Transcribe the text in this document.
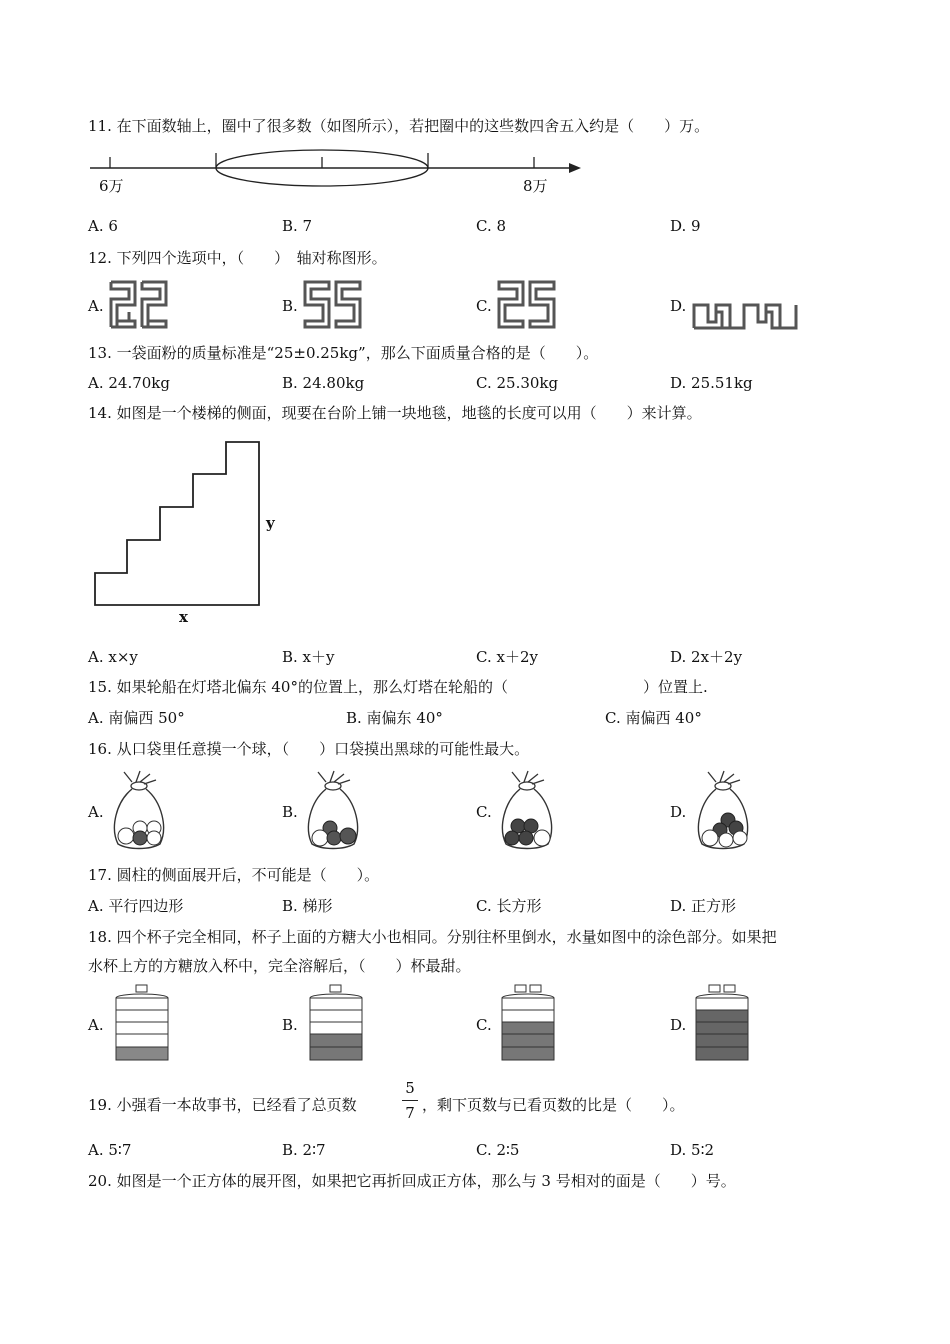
11. 在下面数轴上，圈中了很多数（如图所示），若把圈中的这些数四舍五入约是（　　）万。
6万	8万
A. 6	B. 7	C. 8	D. 9
12. 下列四个选项中，（　　）　轴对称图形。
A.	B.	C.	D.
13. 一袋面粉的质量标准是“25±0.25kg”，那么下面质量合格的是（　　）。
A. 24.70kg	B. 24.80kg	C. 25.30kg	D. 25.51kg
14. 如图是一个楼梯的侧面，现要在台阶上铺一块地毯，地毯的长度可以用（　　）来计算。
x
y
A. x×y	B. x＋y	C. x＋2y	D. 2x＋2y
15. 如果轮船在灯塔北偏东 40°的位置上，那么灯塔在轮船的（　　　　　　　　　）位置上.
A. 南偏西 50°	B. 南偏东 40°	C. 南偏西 40°
16. 从口袋里任意摸一个球，（　　）口袋摸出黑球的可能性最大。
A.	B.	C.	D.
17. 圆柱的侧面展开后，不可能是（　　）。
A. 平行四边形	B. 梯形	C. 长方形	D. 正方形
18. 四个杯子完全相同，杯子上面的方糖大小也相同。分别往杯里倒水，水量如图中的涂色部分。如果把
水杯上方的方糖放入杯中，完全溶解后，（　　）杯最甜。
A.	B.	C.	D.
19. 小强看一本故事书，已经看了总页数
5
7 ，剩下页数与已看页数的比是（　　）。
A. 5∶7	B. 2∶7	C. 2∶5	D. 5∶2
20. 如图是一个正方体的展开图，如果把它再折回成正方体，那么与 3 号相对的面是（　　）号。
